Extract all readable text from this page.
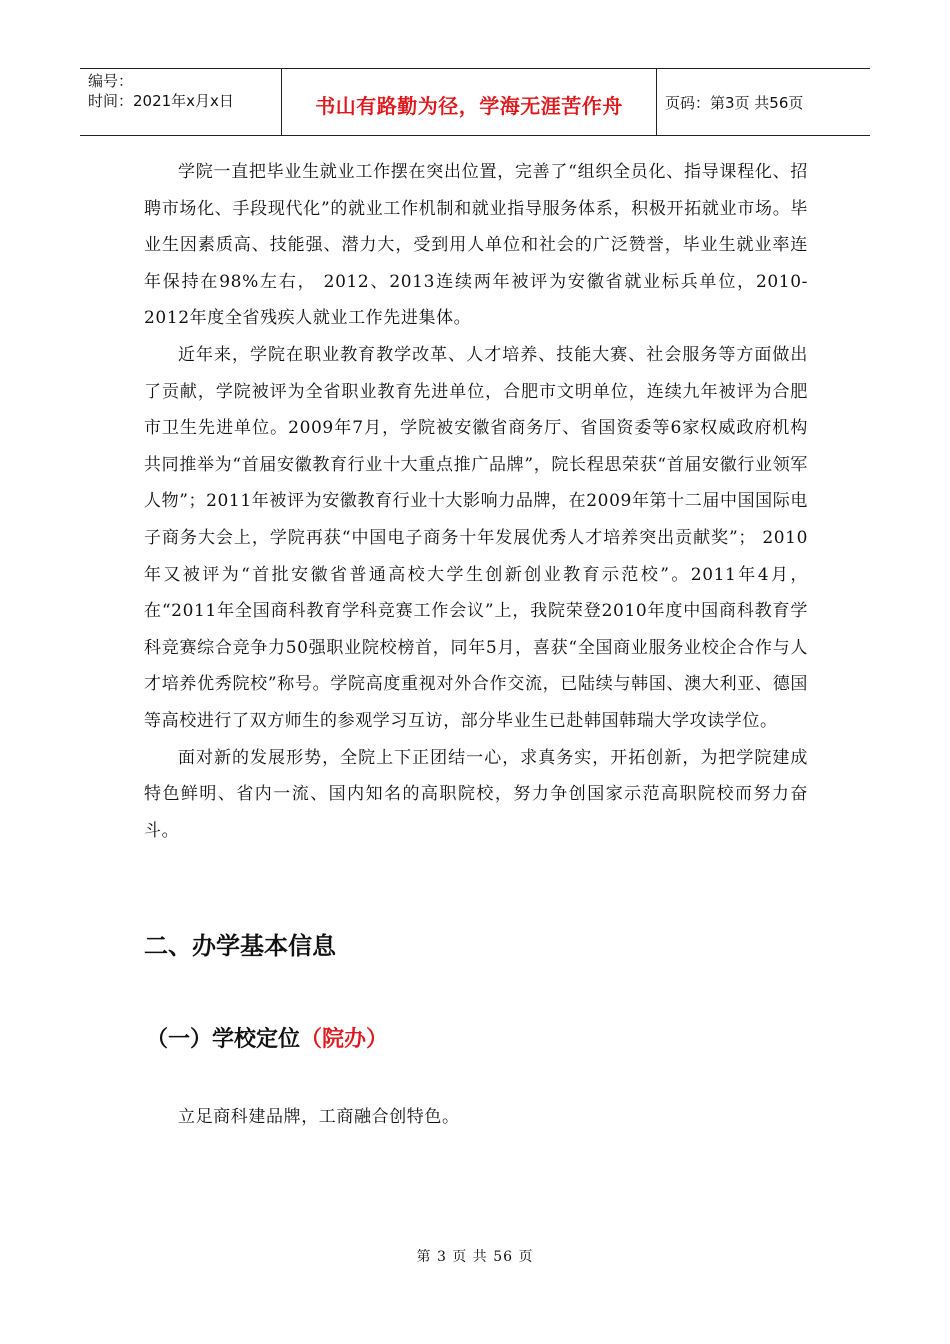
编号：
时间：2021年x月x日	书山有路勤为径，学海无涯苦作舟	页码：第3页 共56页

学院一直把毕业生就业工作摆在突出位置，完善了“组织全员化、指导课程化、招聘市场化、手段现代化”的就业工作机制和就业指导服务体系，积极开拓就业市场。毕业生因素质高、技能强、潜力大，受到用人单位和社会的广泛赞誉，毕业生就业率连年保持在98%左右， 2012、2013连续两年被评为安徽省就业标兵单位，2010-2012年度全省残疾人就业工作先进集体。

近年来，学院在职业教育教学改革、人才培养、技能大赛、社会服务等方面做出了贡献，学院被评为全省职业教育先进单位，合肥市文明单位，连续九年被评为合肥市卫生先进单位。2009年7月，学院被安徽省商务厅、省国资委等6家权威政府机构共同推举为“首届安徽教育行业十大重点推广品牌”，院长程思荣获“首届安徽行业领军人物”；2011年被评为安徽教育行业十大影响力品牌，在2009年第十二届中国国际电子商务大会上，学院再获“中国电子商务十年发展优秀人才培养突出贡献奖”； 2010年又被评为“首批安徽省普通高校大学生创新创业教育示范校”。2011年4月，在“2011年全国商科教育学科竞赛工作会议”上，我院荣登2010年度中国商科教育学科竞赛综合竞争力50强职业院校榜首，同年5月，喜获“全国商业服务业校企合作与人才培养优秀院校”称号。学院高度重视对外合作交流，已陆续与韩国、澳大利亚、德国等高校进行了双方师生的参观学习互访，部分毕业生已赴韩国韩瑞大学攻读学位。

面对新的发展形势，全院上下正团结一心，求真务实，开拓创新，为把学院建成特色鲜明、省内一流、国内知名的高职院校，努力争创国家示范高职院校而努力奋斗。

二、办学基本信息
（一）学校定位（院办）

立足商科建品牌，工商融合创特色。

第 3 页 共 56 页
